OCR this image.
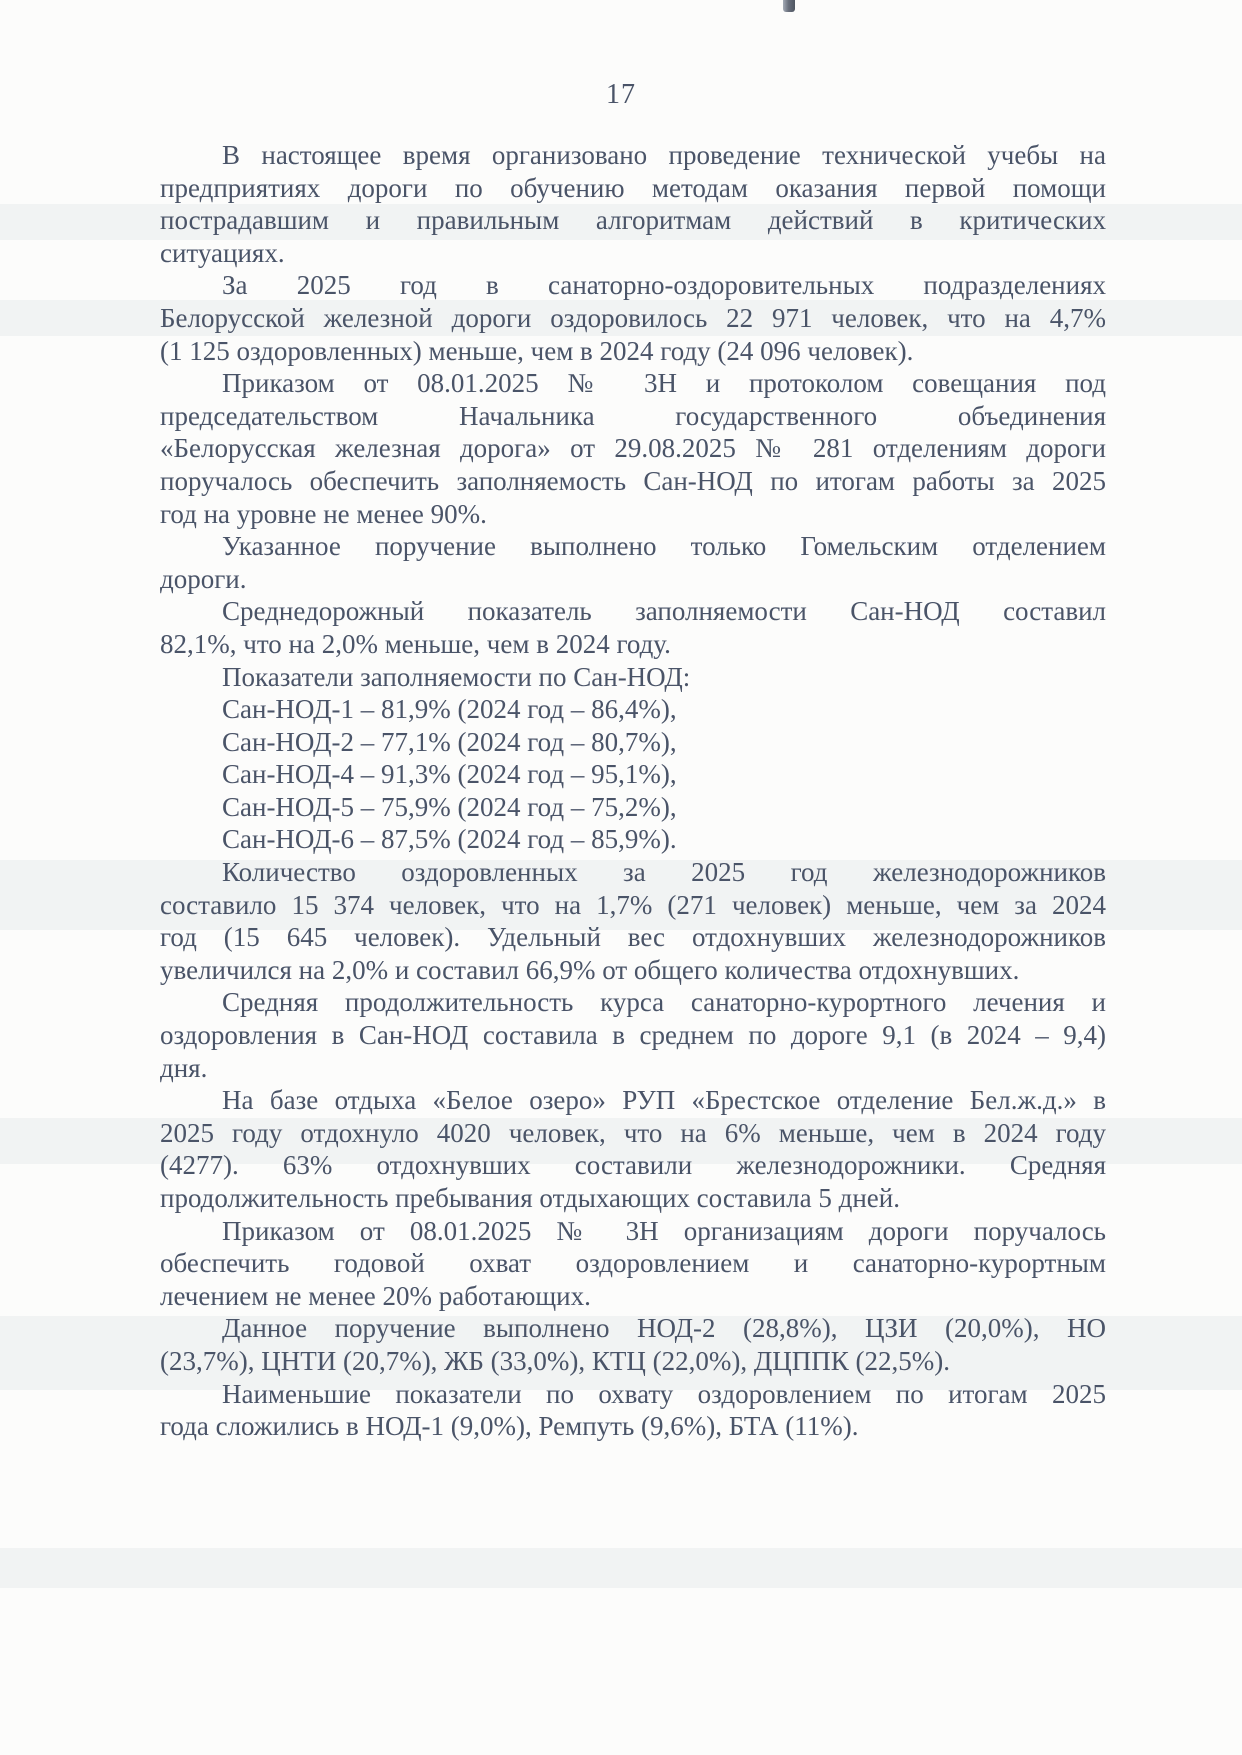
17
В настоящее время организовано проведение технической учебы на
предприятиях дороги по обучению методам оказания первой помощи
пострадавшим и правильным алгоритмам действий в критических
ситуациях.
За 2025 год в санаторно-оздоровительных подразделениях
Белорусской железной дороги оздоровилось 22 971 человек, что на 4,7%
(1 125 оздоровленных) меньше, чем в 2024 году (24 096 человек).
Приказом от 08.01.2025 № 3Н и протоколом совещания под
председательством Начальника государственного объединения
«Белорусская железная дорога» от 29.08.2025 № 281 отделениям дороги
поручалось обеспечить заполняемость Сан-НОД по итогам работы за 2025
год на уровне не менее 90%.
Указанное поручение выполнено только Гомельским отделением
дороги.
Среднедорожный показатель заполняемости Сан-НОД составил
82,1%, что на 2,0% меньше, чем в 2024 году.
Показатели заполняемости по Сан-НОД:
Сан-НОД-1 – 81,9% (2024 год – 86,4%),
Сан-НОД-2 – 77,1% (2024 год – 80,7%),
Сан-НОД-4 – 91,3% (2024 год – 95,1%),
Сан-НОД-5 – 75,9% (2024 год – 75,2%),
Сан-НОД-6 – 87,5% (2024 год – 85,9%).
Количество оздоровленных за 2025 год железнодорожников
составило 15 374 человек, что на 1,7% (271 человек) меньше, чем за 2024
год (15 645 человек). Удельный вес отдохнувших железнодорожников
увеличился на 2,0% и составил 66,9% от общего количества отдохнувших.
Средняя продолжительность курса санаторно-курортного лечения и
оздоровления в Сан-НОД составила в среднем по дороге 9,1 (в 2024 – 9,4)
дня.
На базе отдыха «Белое озеро» РУП «Брестское отделение Бел.ж.д.» в
2025 году отдохнуло 4020 человек, что на 6% меньше, чем в 2024 году
(4277). 63% отдохнувших составили железнодорожники. Средняя
продолжительность пребывания отдыхающих составила 5 дней.
Приказом от 08.01.2025 № 3Н организациям дороги поручалось
обеспечить годовой охват оздоровлением и санаторно-курортным
лечением не менее 20% работающих.
Данное поручение выполнено НОД-2 (28,8%), ЦЗИ (20,0%), НО
(23,7%), ЦНТИ (20,7%), ЖБ (33,0%), КТЦ (22,0%), ДЦППК (22,5%).
Наименьшие показатели по охвату оздоровлением по итогам 2025
года сложились в НОД-1 (9,0%), Ремпуть (9,6%), БТА (11%).
